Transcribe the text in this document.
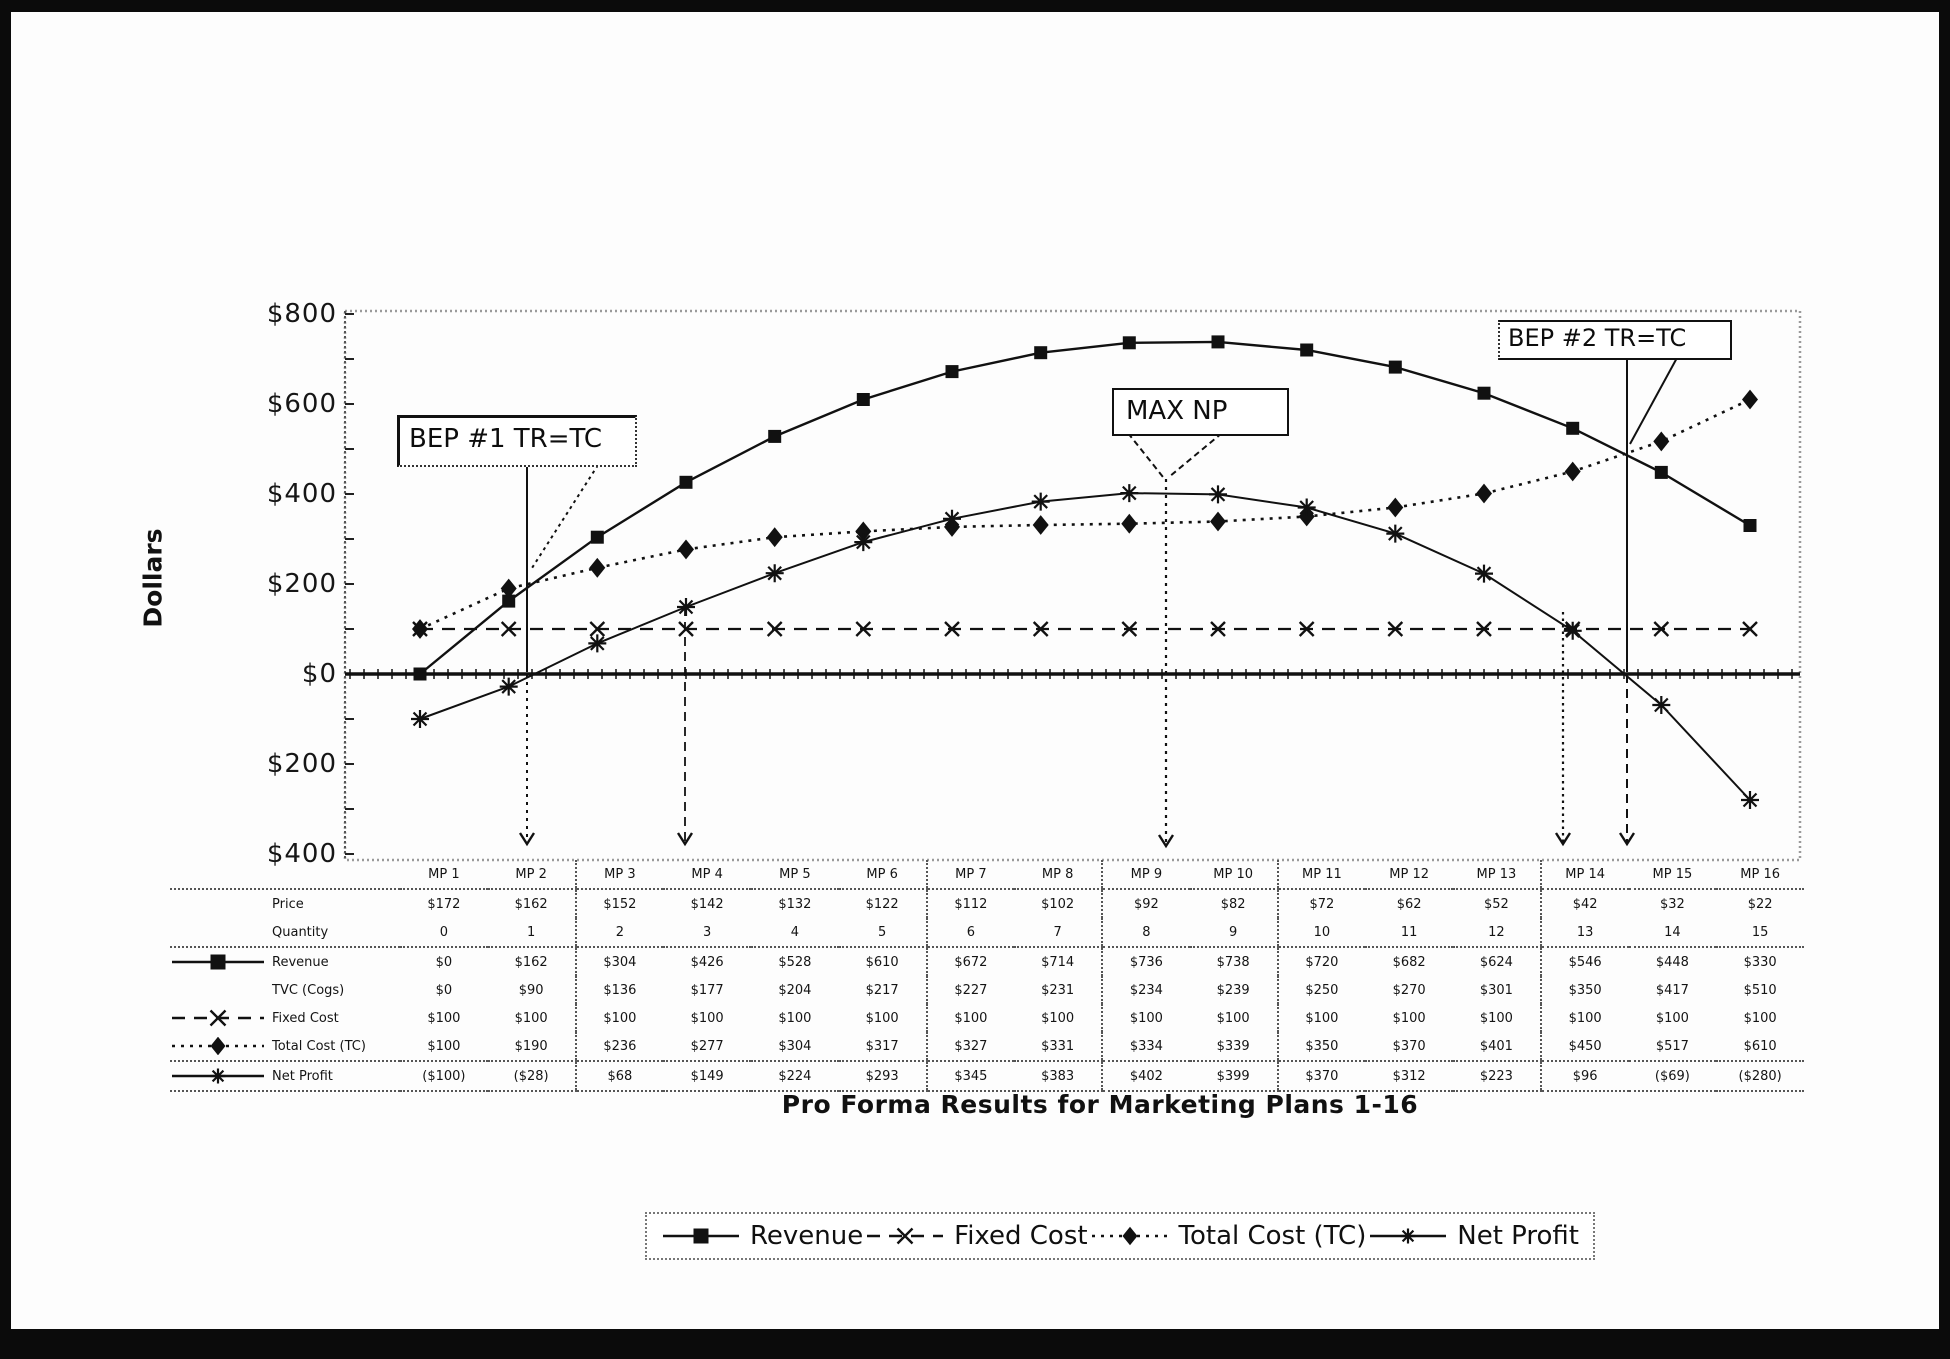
Dollars
$800
$600
$400
$200
$0
$200
$400
BEP #1 TR=TC
MAX NP
BEP #2 TR=TC
	MP 1	MP 2	MP 3	MP 4	MP 5	MP 6	MP 7	MP 8	MP 9	MP 10	MP 11	MP 12	MP 13	MP 14	MP 15	MP 16

Price	$172	$162	$152	$142	$132	$122	$112	$102	$92	$82	$72	$62	$52	$42	$32	$22

Quantity	0	1	2	3	4	5	6	7	8	9	10	11	12	13	14	15

Revenue	$0	$162	$304	$426	$528	$610	$672	$714	$736	$738	$720	$682	$624	$546	$448	$330

TVC (Cogs)	$0	$90	$136	$177	$204	$217	$227	$231	$234	$239	$250	$270	$301	$350	$417	$510

Fixed Cost	$100	$100	$100	$100	$100	$100	$100	$100	$100	$100	$100	$100	$100	$100	$100	$100

Total Cost (TC)	$100	$190	$236	$277	$304	$317	$327	$331	$334	$339	$350	$370	$401	$450	$517	$610

Net Profit	($100)	($28)	$68	$149	$224	$293	$345	$383	$402	$399	$370	$312	$223	$96	($69)	($280)
Pro Forma Results for Marketing Plans 1-16
Revenue	Fixed Cost	Total Cost (TC)	Net Profit
